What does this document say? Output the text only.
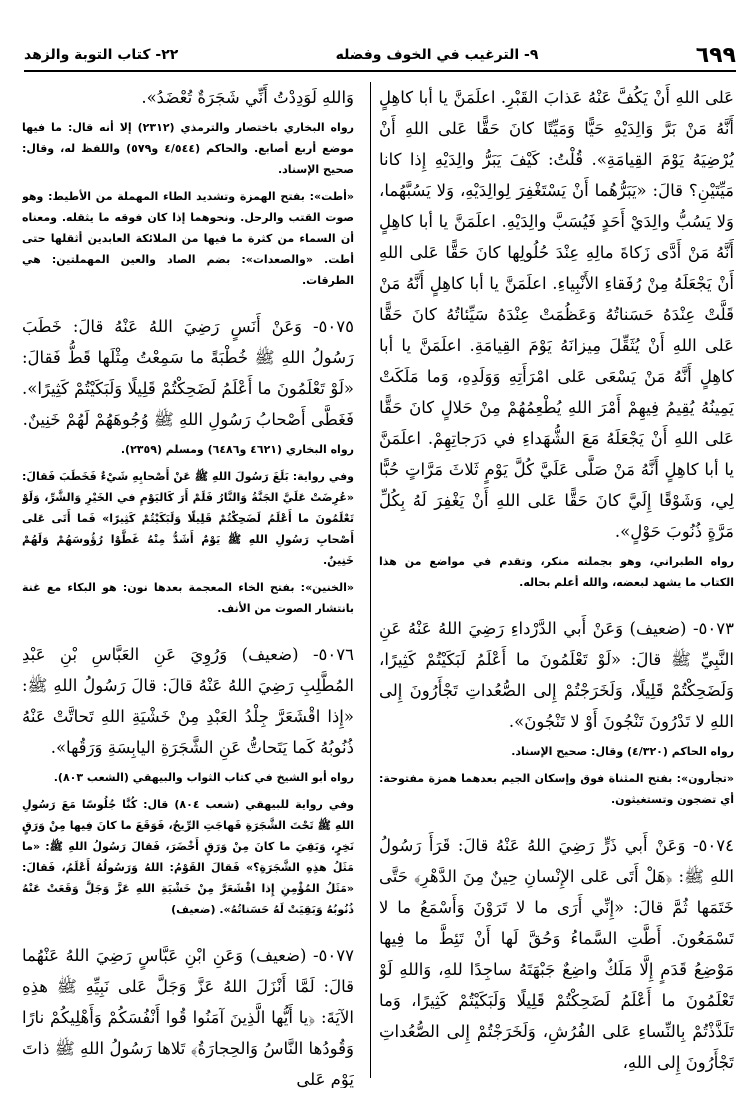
٦٩٩
٩- الترغيب في الخوف وفضله
٢٢- كتاب التوبة والزهد

عَلى اللهِ أَنْ يَكُفَّ عَنْهُ عَذابَ القَبْرِ. اعلَمَنَّ يا أبا كاهِلٍ أَنَّهُ مَنْ بَرَّ وَالِدَيْهِ حَيًّا وَمَيِّتًا كانَ حَقًّا عَلى اللهِ أَنْ يُرْضِيَهُ يَوْمَ القِيامَةِ». قُلْتُ: كَيْفَ يَبَرُّ والِدَيْهِ إِذا كانا مَيِّتَيْنِ؟ قالَ: «يَبَرُّهُما أَنْ يَسْتَغْفِرَ لِوالِدَيْهِ، وَلا يَسُبَّهُما، وَلا يَسُبُّ والِدَيْ أَحَدٍ فَيُسَبَّ والِدَيْهِ. اعلَمَنَّ يا أبا كاهِلٍ أَنَّهُ مَنْ أَدَّى زَكاةَ مالِهِ عِنْدَ حُلُولِها كانَ حَقًّا عَلى اللهِ أَنْ يَجْعَلَهُ مِنْ رُفَقاءِ الأَنْبِياءِ. اعلَمَنَّ يا أبا كاهِلٍ أَنَّهُ مَنْ قَلَّتْ عِنْدَهُ حَسَناتُهُ وَعَظُمَتْ عِنْدَهُ سَيِّئاتُهُ كانَ حَقًّا عَلى اللهِ أَنْ يُثَقِّلَ مِيزانَهُ يَوْمَ القِيامَةِ. اعلَمَنَّ يا أبا كاهِلٍ أَنَّهُ مَنْ يَسْعَى عَلى امْرَأَتِهِ وَوَلَدِهِ، وَما مَلَكَتْ يَمِينُهُ يُقِيمُ فِيهِمْ أَمْرَ اللهِ يُطْعِمُهُمْ مِنْ حَلالٍ كانَ حَقًّا عَلى اللهِ أَنْ يَجْعَلَهُ مَعَ الشُّهَداءِ في دَرَجاتِهِمْ. اعلَمَنَّ يا أبا كاهِلٍ أَنَّهُ مَنْ صَلَّى عَلَيَّ كُلَّ يَوْمٍ ثَلاثَ مَرَّاتٍ حُبًّا لِي، وَشَوْقًا إِلَيَّ كانَ حَقًّا عَلى اللهِ أَنْ يَغْفِرَ لَهُ بِكُلِّ مَرَّةٍ ذُنُوبَ حَوْلٍ».

رواه الطبراني، وهو بجملته منكر، وتقدم في مواضع من هذا الكتاب ما يشهد لبعضه، والله أعلم بحاله.

٥٠٧٣- (ضعيف) وَعَنْ أَبي الدَّرْداءِ رَضِيَ اللهُ عَنْهُ عَنِ النَّبِيِّ ﷺ قالَ: «لَوْ تَعْلَمُونَ ما أَعْلَمُ لَبَكَيْتُمْ كَثِيرًا، وَلَضَحِكْتُمْ قَلِيلًا، وَلَخَرَجْتُمْ إِلى الصُّعُداتِ تَجْأَرُونَ إِلى اللهِ لا تَدْرُونَ تَنْجُونَ أَوْ لا تَنْجُونَ».

رواه الحاكم (٤/٣٢٠) وقال: صحيح الإسناد.

«تجأرون»: بفتح المثناة فوق وإسكان الجيم بعدهما همزة مفتوحة: أي تضجون وتستغيثون.

٥٠٧٤- وَعَنْ أَبي ذَرٍّ رَضِيَ اللهُ عَنْهُ قالَ: قَرَأَ رَسُولُ اللهِ ﷺ: ﴿هَلْ أَتَى عَلى الإِنْسانِ حِينٌ مِنَ الدَّهْرِ﴾ حَتَّى خَتَمَها ثُمَّ قالَ: «إِنِّي أَرَى ما لا تَرَوْنَ وَأَسْمَعُ ما لا تَسْمَعُونَ. أَطَّتِ السَّماءُ وَحُقَّ لَها أَنْ تَئِطَّ ما فِيها مَوْضِعُ قَدَمٍ إِلَّا مَلَكٌ واضِعٌ جَبْهَتَهُ ساجِدًا للهِ، وَاللهِ لَوْ تَعْلَمُونَ ما أَعْلَمُ لَضَحِكْتُمْ قَلِيلًا وَلَبَكَيْتُمْ كَثِيرًا، وَما تَلَذَّذْتُمْ بِالنِّساءِ عَلى الفُرُشِ، وَلَخَرَجْتُمْ إِلى الصُّعُداتِ تَجْأَرُونَ إِلى اللهِ،

وَاللهِ لَوَدِدْتُ أَنِّي شَجَرَةٌ تُعْضَدُ».

رواه البخاري باختصار والترمذي (٢٣١٢) إلا أنه قال: ما فيها موضع أربع أصابع. والحاكم (٤/٥٤٤ و٥٧٩) واللفظ له، وقال: صحيح الإسناد.

«أطت»: بفتح الهمزة وتشديد الطاء المهملة من الأطيط: وهو صوت القتب والرحل. ونحوهما إذا كان فوقه ما يثقله. ومعناه أن السماء من كثرة ما فيها من الملائكة العابدين أثقلها حتى أطت. «والصعدات»: بضم الصاد والعين المهملتين: هي الطرقات.

٥٠٧٥- وَعَنْ أَنَسٍ رَضِيَ اللهُ عَنْهُ قالَ: خَطَبَ رَسُولُ اللهِ ﷺ خُطْبَةً ما سَمِعْتُ مِثْلَها قَطُّ فَقالَ: «لَوْ تَعْلَمُونَ ما أَعْلَمُ لَضَحِكْتُمْ قَلِيلًا وَلَبَكَيْتُمْ كَثِيرًا». فَغَطَّى أَصْحابُ رَسُولِ اللهِ ﷺ وُجُوهَهُمْ لَهُمْ خَنِينٌ.

رواه البخاري (٤٦٢١ و٦٤٨٦) ومسلم (٢٣٥٩).

وفي رواية: بَلَغَ رَسُولَ اللهِ ﷺ عَنْ أَصْحابِهِ شَيْءٌ فَخَطَبَ فَقالَ: «عُرِضَتْ عَلَيَّ الجَنَّةُ وَالنَّارُ فَلَمْ أَرَ كَاليَوْمِ في الخَيْرِ وَالشَّرِّ، وَلَوْ تَعْلَمُونَ ما أَعْلَمُ لَضَحِكْتُمْ قَلِيلًا وَلَبَكَيْتُمْ كَثِيرًا» فَما أَتَى عَلى أَصْحابِ رَسُولِ اللهِ ﷺ يَوْمٌ أَشَدُّ مِنْهُ غَطَّوْا رُؤُوسَهُمْ وَلَهُمْ خَنِينٌ.

«الخنين»: بفتح الخاء المعجمة بعدها نون: هو البكاء مع غنة بانتشار الصوت من الأنف.

٥٠٧٦- (ضعيف) وَرُوِيَ عَنِ العَبَّاسِ بْنِ عَبْدِ المُطَّلِبِ رَضِيَ اللهُ عَنْهُ قالَ: قالَ رَسُولُ اللهِ ﷺ: «إِذا اقْشَعَرَّ جِلْدُ العَبْدِ مِنْ خَشْيَةِ اللهِ تَحاتَّتْ عَنْهُ ذُنُوبُهُ كَما يَتَحاتُّ عَنِ الشَّجَرَةِ اليابِسَةِ وَرَقُها».

رواه أبو الشيخ في كتاب الثواب والبيهقي (الشعب ٨٠٣).

وفي رواية للبيهقي (شعب ٨٠٤) قال: كُنَّا جُلُوسًا مَعَ رَسُولِ اللهِ ﷺ تَحْتَ الشَّجَرَةِ فَهاجَتِ الرِّيحُ، فَوَقَعَ ما كانَ فِيها مِنْ وَرَقٍ نَخِرٍ، وَبَقِيَ ما كانَ مِنْ وَرَقٍ أَخْضَرَ، فَقالَ رَسُولُ اللهِ ﷺ: «ما مَثَلُ هذِهِ الشَّجَرَةِ؟» فَقالَ القَوْمُ: اللهُ وَرَسُولُهُ أَعْلَمُ، فَقالَ: «مَثَلُ المُؤْمِنِ إِذا اقْشَعَرَّ مِنْ خَشْيَةِ اللهِ عَزَّ وَجَلَّ وَقَعَتْ عَنْهُ ذُنُوبُهُ وَبَقِيَتْ لَهُ حَسَناتُهُ». (ضعيف)

٥٠٧٧- (ضعيف) وَعَنِ ابْنِ عَبَّاسٍ رَضِيَ اللهُ عَنْهُما قالَ: لَمَّا أَنْزَلَ اللهُ عَزَّ وَجَلَّ عَلى نَبِيِّهِ ﷺ هذِهِ الآيَةَ: ﴿يا أَيُّها الَّذِينَ آمَنُوا قُوا أَنْفُسَكُمْ وَأَهْلِيكُمْ نارًا وَقُودُها النَّاسُ وَالحِجارَةُ﴾ تَلاها رَسُولُ اللهِ ﷺ ذاتَ يَوْمٍ عَلى
